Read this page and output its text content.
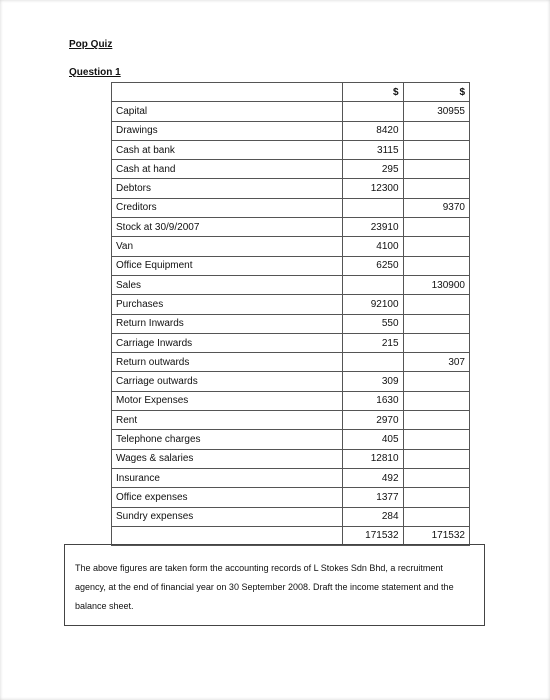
Pop Quiz
Question 1
	$	$
Capital		30955
Drawings	8420	
Cash at bank	3115	
Cash at hand	295	
Debtors	12300	
Creditors		9370
Stock at 30/9/2007	23910	
Van	4100	
Office Equipment	6250	
Sales		130900
Purchases	92100	
Return Inwards	550	
Carriage Inwards	215	
Return outwards		307
Carriage outwards	309	
Motor Expenses	1630	
Rent	2970	
Telephone charges	405	
Wages & salaries	12810	
Insurance	492	
Office expenses	1377	
Sundry expenses	284	
	171532	171532
The above figures are taken form the accounting records of L Stokes Sdn Bhd, a recruitment agency, at the end of financial year on 30 September 2008. Draft the income statement and the balance sheet.
